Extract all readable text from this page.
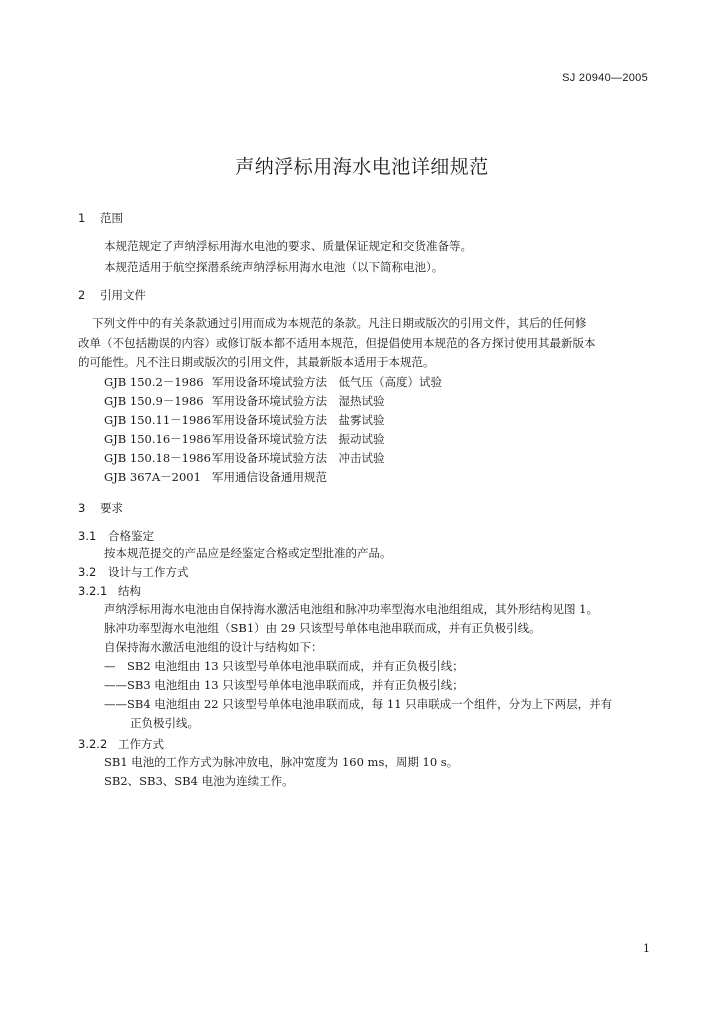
SJ 20940—2005
声纳浮标用海水电池详细规范
1 范围
本规范规定了声纳浮标用海水电池的要求、质量保证规定和交货准备等。
本规范适用于航空探潜系统声纳浮标用海水电池（以下简称电池）。
2 引用文件
下列文件中的有关条款通过引用而成为本规范的条款。凡注日期或版次的引用文件，其后的任何修
改单（不包括勘误的内容）或修订版本都不适用本规范，但提倡使用本规范的各方探讨使用其最新版本
的可能性。凡不注日期或版次的引用文件，其最新版本适用于本规范。
GJB 150.2－1986 军用设备环境试验方法　低气压（高度）试验
GJB 150.9－1986 军用设备环境试验方法　湿热试验
GJB 150.11－1986军用设备环境试验方法　盐雾试验
GJB 150.16－1986军用设备环境试验方法　振动试验
GJB 150.18－1986军用设备环境试验方法　冲击试验
GJB 367A－2001 军用通信设备通用规范
3 要求
3.1 合格鉴定
按本规范提交的产品应是经鉴定合格或定型批准的产品。
3.2 设计与工作方式
3.2.1 结构
声纳浮标用海水电池由自保持海水激活电池组和脉冲功率型海水电池组组成，其外形结构见图 1。
脉冲功率型海水电池组（SB1）由 29 只该型号单体电池串联而成，并有正负极引线。
自保持海水激活电池组的设计与结构如下：
—　SB2 电池组由 13 只该型号单体电池串联而成，并有正负极引线；
——SB3 电池组由 13 只该型号单体电池串联而成，并有正负极引线；
——SB4 电池组由 22 只该型号单体电池串联而成，每 11 只串联成一个组件，分为上下两层，并有
正负极引线。
3.2.2 工作方式
SB1 电池的工作方式为脉冲放电，脉冲宽度为 160 ms，周期 10 s。
SB2、SB3、SB4 电池为连续工作。
1
